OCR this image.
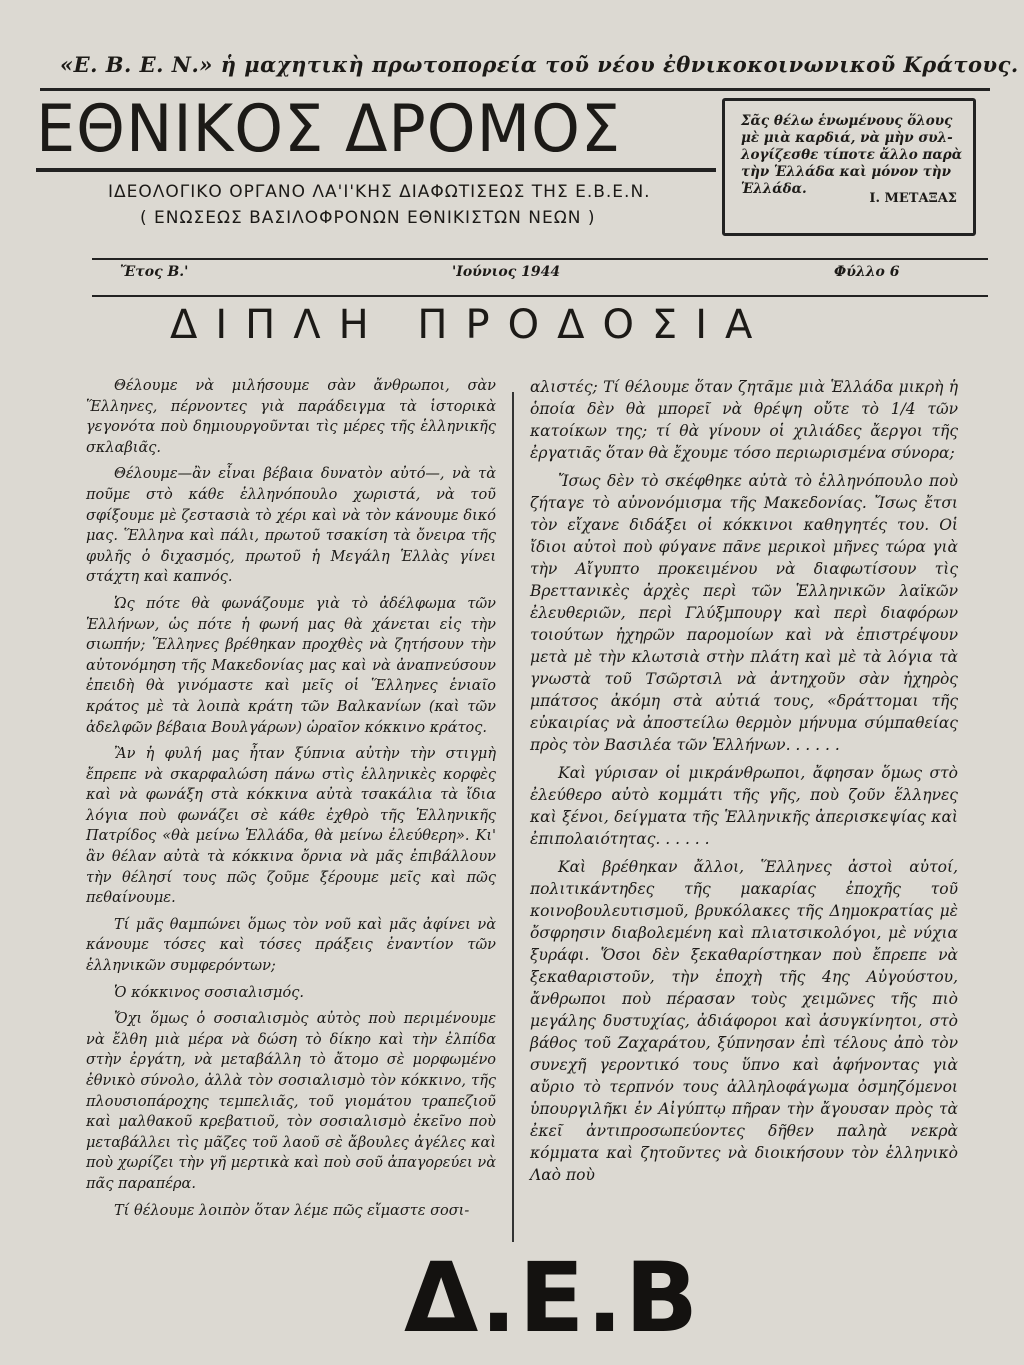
«Ε. Β. Ε. Ν.» ἡ μαχητικὴ πρωτοπορεία τοῦ νέου ἐθνικοκοινωνικοῦ Κράτους.
ΕΘΝΙΚΟΣ ΔΡΟΜΟΣ
ΙΔΕΟΛΟΓΙΚΟ ΟΡΓΑΝΟ ΛΑ'Ι'ΚΗΣ ΔΙΑΦΩΤΙΣΕΩΣ ΤΗΣ Ε.Β.Ε.Ν.
( ΕΝΩΣΕΩΣ ΒΑΣΙΛΟΦΡΟΝΩΝ ΕΘΝΙΚΙΣΤΩΝ ΝΕΩΝ )
Σᾶς θέλω ἑνωμένους ὅλους
μὲ μιὰ καρδιά, νὰ μὴν συλ-
λογίζεσθε τίποτε ἄλλο παρὰ
τὴν Ἑλλάδα καὶ μόνον τὴν
Ἑλλάδα.
Ι. ΜΕΤΑΞΑΣ
Ἔτος Β.'	'Ιούνιος 1944	Φύλλο 6
ΔΙΠΛΗ ΠΡΟΔΟΣΙΑ

Θέλουμε νὰ μιλήσουμε σὰν ἄνθρωποι, σὰν Ἕλληνες, πέρνοντες γιὰ παράδειγμα τὰ ἱστορικὰ γεγονότα ποὺ δημιουργοῦνται τὶς μέρες τῆς ἑλληνικῆς σκλαβιᾶς.

Θέλουμε—ἂν εἶναι βέβαια δυνατὸν αὐτό—, νὰ τὰ ποῦμε στὸ κάθε ἑλληνόπουλο χωριστά, νὰ τοῦ σφίξουμε μὲ ζεστασιὰ τὸ χέρι καὶ νὰ τὸν κάνουμε δικό μας. Ἕλληνα καὶ πάλι, πρωτοῦ τσακίση τὰ ὄνειρα τῆς φυλῆς ὁ διχασμός, πρωτοῦ ἡ Μεγάλη Ἑλλὰς γίνει στάχτη καὶ καπνός.

Ὡς πότε θὰ φωνάζουμε γιὰ τὸ ἀδέλφωμα τῶν Ἑλλήνων, ὡς πότε ἡ φωνή μας θὰ χάνεται εἰς τὴν σιωπήν; Ἕλληνες βρέθηκαν προχθὲς νὰ ζητήσουν τὴν αὐτονόμηση τῆς Μακεδονίας μας καὶ νὰ ἀναπνεύσουν ἐπειδὴ θὰ γινόμαστε καὶ μεῖς οἱ Ἕλληνες ἑνιαῖο κράτος μὲ τὰ λοιπὰ κράτη τῶν Βαλκανίων (καὶ τῶν ἀδελφῶν βέβαια Βουλγάρων) ὡραῖον κόκκινο κράτος.

Ἂν ἡ φυλή μας ἦταν ξύπνια αὐτὴν τὴν στιγμὴ ἔπρεπε νὰ σκαρφαλώση πάνω στὶς ἑλληνικὲς κορφὲς καὶ νὰ φωνάξη στὰ κόκκινα αὐτὰ τσακάλια τὰ ἴδια λόγια ποὺ φωνάζει σὲ κάθε ἐχθρὸ τῆς Ἑλληνικῆς Πατρίδος «θὰ μείνω Ἑλλάδα, θὰ μείνω ἐλεύθερη». Κι' ἂν θέλαν αὐτὰ τὰ κόκκινα ὄρνια νὰ μᾶς ἐπιβάλλουν τὴν θέλησί τους πῶς ζοῦμε ξέρουμε μεῖς καὶ πῶς πεθαίνουμε.

Τί μᾶς θαμπώνει ὅμως τὸν νοῦ καὶ μᾶς ἀφίνει νὰ κάνουμε τόσες καὶ τόσες πράξεις ἐναντίον τῶν ἑλληνικῶν συμφερόντων;

Ὁ κόκκινος σοσιαλισμός.

Ὄχι ὅμως ὁ σοσιαλισμὸς αὐτὸς ποὺ περιμένουμε νὰ ἔλθη μιὰ μέρα νὰ δώση τὸ δίκηο καὶ τὴν ἐλπίδα στὴν ἐργάτη, νὰ μεταβάλλη τὸ ἄτομο σὲ μορφωμένο ἐθνικὸ σύνολο, ἀλλὰ τὸν σοσιαλισμὸ τὸν κόκκινο, τῆς πλουσιοπάροχης τεμπελιᾶς, τοῦ γιομάτου τραπεζιοῦ καὶ μαλθακοῦ κρεβατιοῦ, τὸν σοσιαλισμὸ ἐκεῖνο ποὺ μεταβάλλει τὶς μᾶζες τοῦ λαοῦ σὲ ἄβουλες ἀγέλες καὶ ποὺ χωρίζει τὴν γῆ μερτικὰ καὶ ποὺ σοῦ ἀπαγορεύει νὰ πᾶς παραπέρα.

Τί θέλουμε λοιπὸν ὅταν λέμε πῶς εἴμαστε σοσι-

αλιστές; Τί θέλουμε ὅταν ζητᾶμε μιὰ Ἑλλάδα μικρὴ ἡ ὁποία δὲν θὰ μπορεῖ νὰ θρέψη οὔτε τὸ 1/4 τῶν κατοίκων της; τί θὰ γίνουν οἱ χιλιάδες ἄεργοι τῆς ἐργατιᾶς ὅταν θὰ ἔχουμε τόσο περιωρισμένα σύνορα;

Ἴσως δὲν τὸ σκέφθηκε αὐτὰ τὸ ἑλληνόπουλο ποὺ ζήταγε τὸ αὐνονόμισμα τῆς Μακεδονίας. Ἴσως ἔτσι τὸν εἴχανε διδάξει οἱ κόκκινοι καθηγητές του. Οἱ ἴδιοι αὐτοὶ ποὺ φύγανε πᾶνε μερικοὶ μῆνες τώρα γιὰ τὴν Αἴγυπτο προκειμένου νὰ διαφωτίσουν τὶς Βρεττανικὲς ἀρχὲς περὶ τῶν Ἑλληνικῶν λαϊκῶν ἐλευθεριῶν, περὶ Γλύξμπουργ καὶ περὶ διαφόρων τοιούτων ἠχηρῶν παρομοίων καὶ νὰ ἐπιστρέψουν μετὰ μὲ τὴν κλωτσιὰ στὴν πλάτη καὶ μὲ τὰ λόγια τὰ γνωστὰ τοῦ Τσῶρτσιλ νὰ ἀντηχοῦν σὰν ἠχηρὸς μπάτσος ἀκόμη στὰ αὐτιά τους, «δράττομαι τῆς εὐκαιρίας νὰ ἀποστείλω θερμὸν μήνυμα σύμπαθείας πρὸς τὸν Βασιλέα τῶν Ἑλλήνων. . . . . .

Καὶ γύρισαν οἱ μικράνθρωποι, ἄφησαν ὅμως στὸ ἐλεύθερο αὐτὸ κομμάτι τῆς γῆς, ποὺ ζοῦν ἕλληνες καὶ ξένοι, δείγματα τῆς Ἑλληνικῆς ἀπερισκεψίας καὶ ἐπιπολαιότητας. . . . . .

Καὶ βρέθηκαν ἄλλοι, Ἕλληνες ἀστοὶ αὐτοί, πολιτικάντηδες τῆς μακαρίας ἐποχῆς τοῦ κοινοβουλευτισμοῦ, βρυκόλακες τῆς Δημοκρατίας μὲ ὄσφρησιν διαβολεμένη καὶ πλιατσικολόγοι, μὲ νύχια ξυράφι. Ὅσοι δὲν ξεκαθαρίστηκαν ποὺ ἔπρεπε νὰ ξεκαθαριστοῦν, τὴν ἐποχὴ τῆς 4ης Αὐγούστου, ἄνθρωποι ποὺ πέρασαν τοὺς χειμῶνες τῆς πιὸ μεγάλης δυστυχίας, ἀδιάφοροι καὶ ἀσυγκίνητοι, στὸ βάθος τοῦ Ζαχαράτου, ξύπνησαν ἐπὶ τέλους ἀπὸ τὸν συνεχῆ γεροντικό τους ὕπνο καὶ ἀφήνοντας γιὰ αὔριο τὸ τερπνόν τους ἀλληλοφάγωμα ὀσμηζόμενοι ὑπουργιλῆκι ἐν Αἰγύπτῳ πῆραν τὴν ἄγουσαν πρὸς τὰ ἐκεῖ ἀντιπροσωπεύοντες δῆθεν παληὰ νεκρὰ κόμματα καὶ ζητοῦντες νὰ διοικήσουν τὸν ἑλληνικὸ Λαὸ ποὺ

Δ.Ε.Β
